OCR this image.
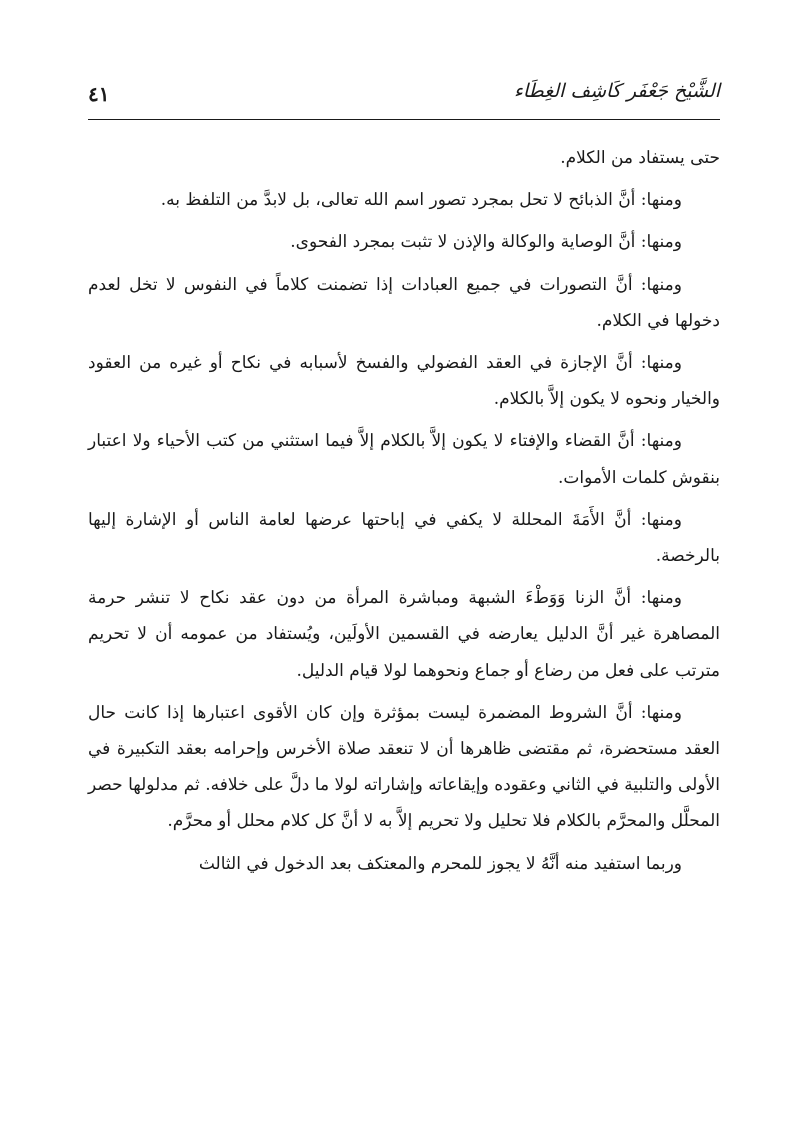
الشَّيْخ جَعْفَر كَاشِف الغِطَاء
٤١

حتى يستفاد من الكلام.

ومنها: أنَّ الذبائح لا تحل بمجرد تصور اسم الله تعالى، بل لابدَّ من التلفظ به.

ومنها: أنَّ الوصاية والوكالة والإذن لا تثبت بمجرد الفحوى.

ومنها: أنَّ التصورات في جميع العبادات إذا تضمنت كلاماً في النفوس لا تخل لعدم دخولها في الكلام.

ومنها: أنَّ الإجازة في العقد الفضولي والفسخ لأسبابه في نكاح أو غيره من العقود والخيار ونحوه لا يكون إلاَّ بالكلام.

ومنها: أنَّ القضاء والإفتاء لا يكون إلاَّ بالكلام إلاَّ فيما استثني من كتب الأحياء ولا اعتبار بنقوش كلمات الأموات.

ومنها: أنَّ الأَمَةَ المحللة لا يكفي في إباحتها عرضها لعامة الناس أو الإشارة إليها بالرخصة.

ومنها: أنَّ الزنا وَوَطْءَ الشبهة ومباشرة المرأة من دون عقد نكاح لا تنشر حرمة المصاهرة غير أنَّ الدليل يعارضه في القسمين الأولَين، ويُستفاد من عمومه أن لا تحريم مترتب على فعل من رضاع أو جماع ونحوهما لولا قيام الدليل.

ومنها: أنَّ الشروط المضمرة ليست بمؤثرة وإن كان الأقوى اعتبارها إذا كانت حال العقد مستحضرة، ثم مقتضى ظاهرها أن لا تنعقد صلاة الأخرس وإحرامه بعقد التكبيرة في الأولى والتلبية في الثاني وعقوده وإيقاعاته وإشاراته لولا ما دلَّ على خلافه. ثم مدلولها حصر المحلَّل والمحرَّم بالكلام فلا تحليل ولا تحريم إلاَّ به لا أنَّ كل كلام محلل أو محرَّم.

وربما استفيد منه أنَّهُ لا يجوز للمحرم والمعتكف بعد الدخول في الثالث
